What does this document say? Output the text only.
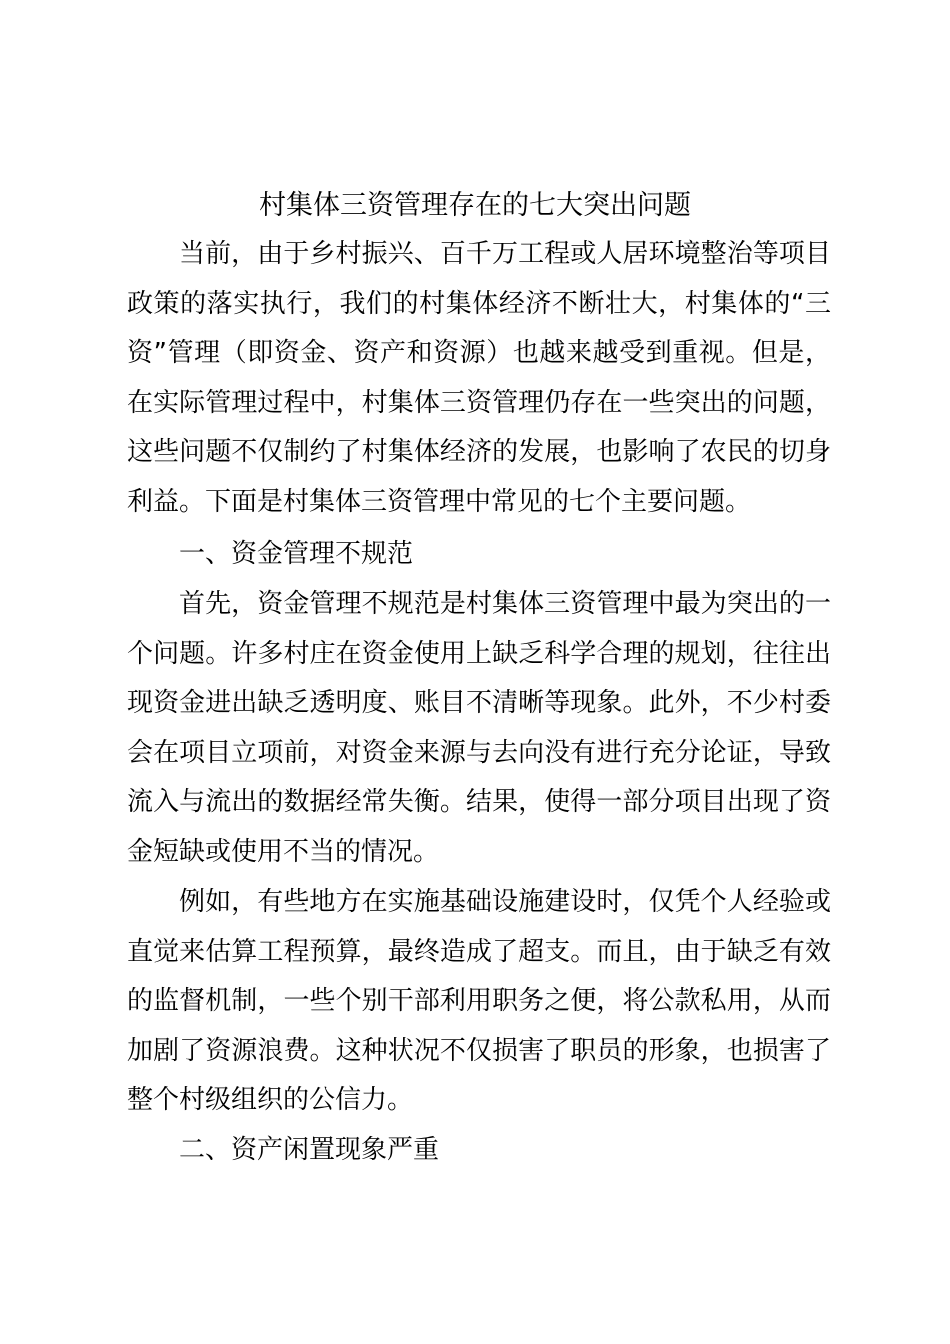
村集体三资管理存在的七大突出问题

当前，由于乡村振兴、百千万工程或人居环境整治等项目政策的落实执行，我们的村集体经济不断壮大，村集体的“三资”管理（即资金、资产和资源）也越来越受到重视。但是，在实际管理过程中，村集体三资管理仍存在一些突出的问题，这些问题不仅制约了村集体经济的发展，也影响了农民的切身利益。下面是村集体三资管理中常见的七个主要问题。

一、资金管理不规范

首先，资金管理不规范是村集体三资管理中最为突出的一个问题。许多村庄在资金使用上缺乏科学合理的规划，往往出现资金进出缺乏透明度、账目不清晰等现象。此外，不少村委会在项目立项前，对资金来源与去向没有进行充分论证，导致流入与流出的数据经常失衡。结果，使得一部分项目出现了资金短缺或使用不当的情况。

例如，有些地方在实施基础设施建设时，仅凭个人经验或直觉来估算工程预算，最终造成了超支。而且，由于缺乏有效的监督机制，一些个别干部利用职务之便，将公款私用，从而加剧了资源浪费。这种状况不仅损害了职员的形象，也损害了整个村级组织的公信力。

二、资产闲置现象严重
